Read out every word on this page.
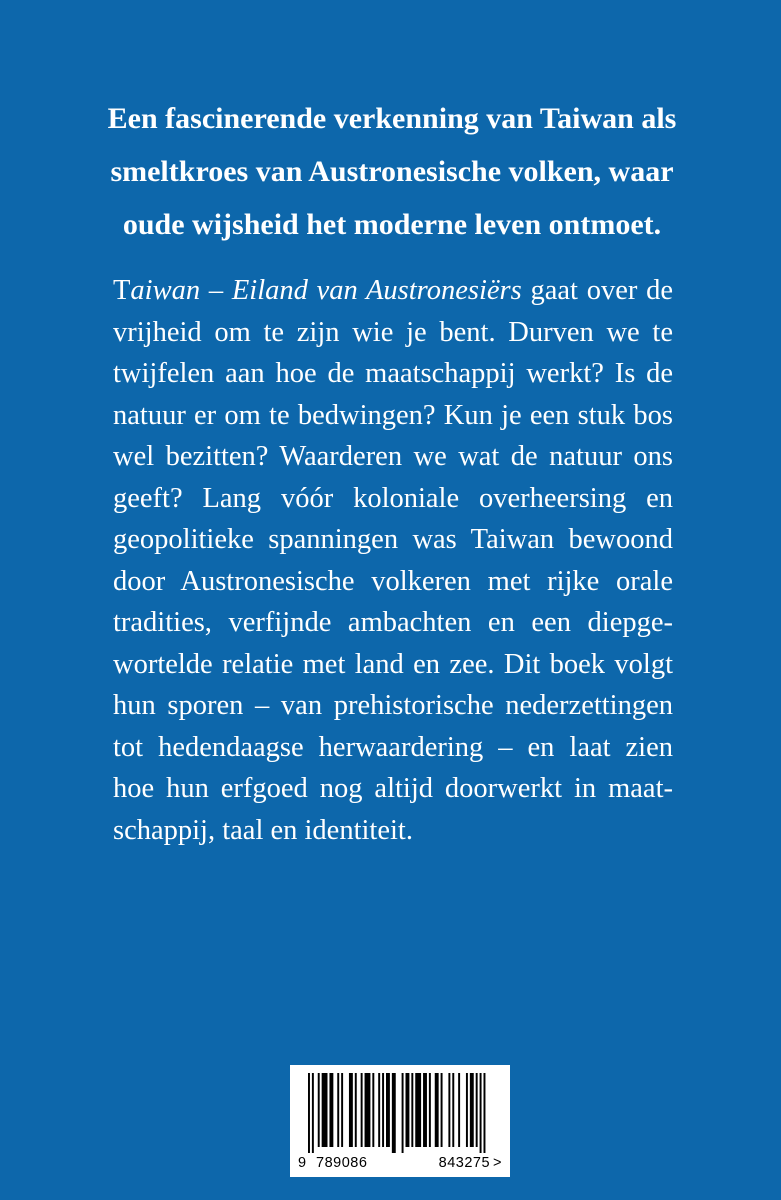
Een fascinerende verkenning van Taiwan als smeltkroes van Austronesische volken, waar oude wijsheid het moderne leven ontmoet.

Taiwan – Eiland van Austronesiërs gaat over de vrijheid om te zijn wie je bent. Durven we te twijfelen aan hoe de maatschappij werkt? Is de natuur er om te bedwingen? Kun je een stuk bos wel bezitten? Waarderen we wat de natuur ons geeft? Lang vóór koloniale overheersing en geopolitieke spanningen was Taiwan bewoond door Austronesische volkeren met rijke orale tradities, verfijnde ambachten en een diepgewortelde relatie met land en zee. Dit boek volgt hun sporen – van prehistorische nederzettingen tot hedendaagse herwaardering – en laat zien hoe hun erfgoed nog altijd doorwerkt in maatschappij, taal en identiteit.

9 789086	843275 >
